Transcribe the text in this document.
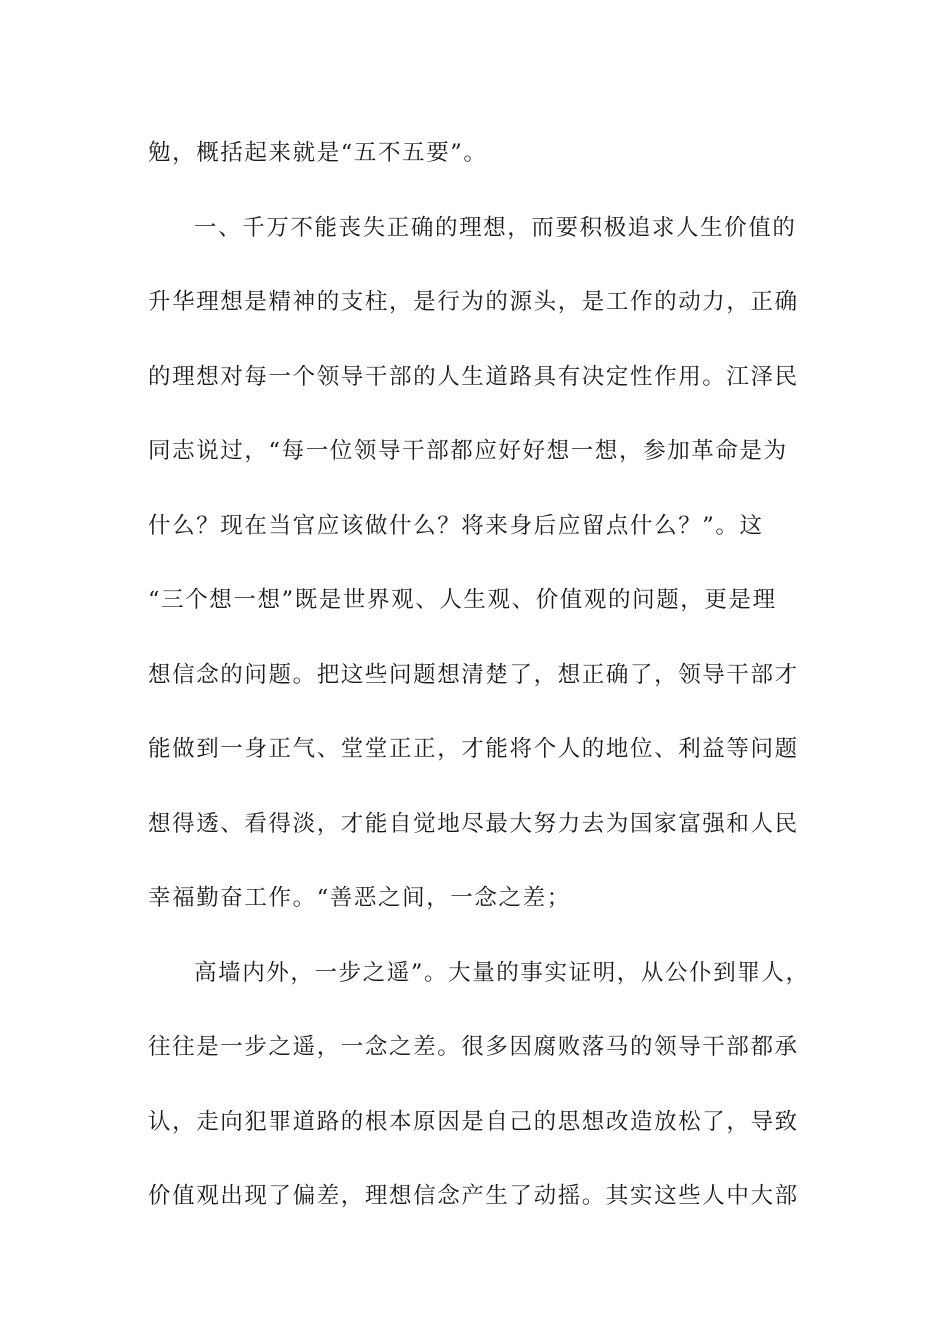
勉，概括起来就是“五不五要”。
一、千万不能丧失正确的理想，而要积极追求人生价值的
升华理想是精神的支柱，是行为的源头，是工作的动力，正确
的理想对每一个领导干部的人生道路具有决定性作用。江泽民
同志说过，“每一位领导干部都应好好想一想，参加革命是为
什么？现在当官应该做什么？将来身后应留点什么？”。这
“三个想一想”既是世界观、人生观、价值观的问题，更是理
想信念的问题。把这些问题想清楚了，想正确了，领导干部才
能做到一身正气、堂堂正正，才能将个人的地位、利益等问题
想得透、看得淡，才能自觉地尽最大努力去为国家富强和人民
幸福勤奋工作。“善恶之间，一念之差；
高墙内外，一步之遥”。大量的事实证明，从公仆到罪人，
往往是一步之遥，一念之差。很多因腐败落马的领导干部都承
认，走向犯罪道路的根本原因是自己的思想改造放松了，导致
价值观出现了偏差，理想信念产生了动摇。其实这些人中大部
